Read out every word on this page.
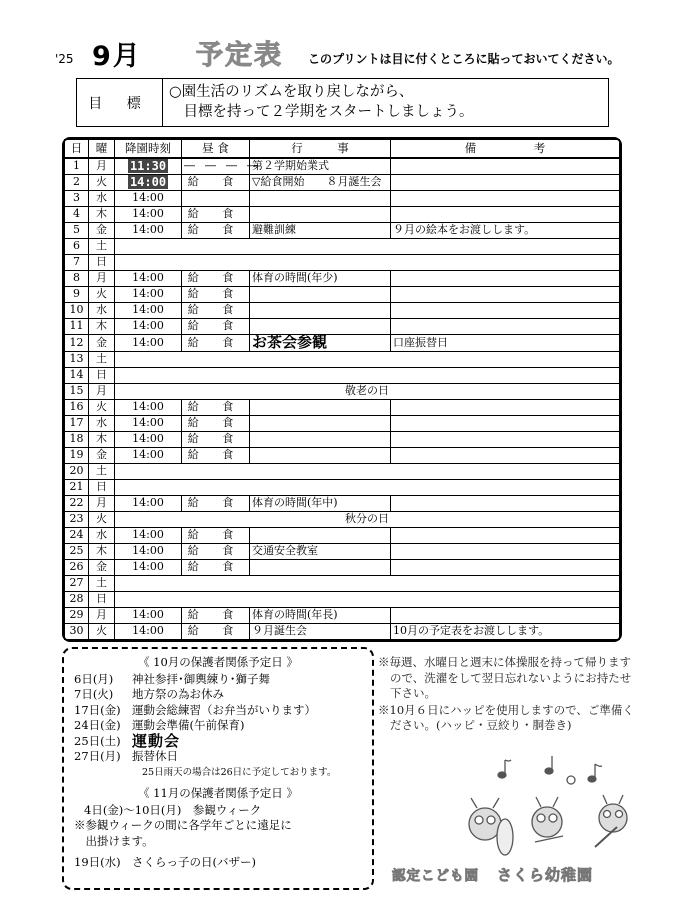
'25 9月 予定表 このプリントは目に付くところに貼っておいてください。
目 標
○園生活のリズムを取り戻しながら、
　目標を持って２学期をスタートしましょう。
日	曜	降園時刻	昼 食	行　　　事	備　　　　　考
1	月	11:30	――――	第２学期始業式	
2	火	14:00	給 食	▽給食開始　　８月誕生会	
3	水	14:00			
4	木	14:00	給 食		
5	金	14:00	給 食	避難訓練	９月の絵本をお渡しします。
6	土				
7	日				
8	月	14:00	給 食	体育の時間(年少)	
9	火	14:00	給 食		
10	水	14:00	給 食		
11	木	14:00	給 食		
12	金	14:00	給 食	お茶会参観	口座振替日
13	土				
14	日				
15	月	敬老の日			
16	火	14:00	給 食		
17	水	14:00	給 食		
18	木	14:00	給 食		
19	金	14:00	給 食		
20	土				
21	日				
22	月	14:00	給 食	体育の時間(年中)	
23	火	秋分の日			
24	水	14:00	給 食		
25	木	14:00	給 食	交通安全教室	
26	金	14:00	給 食		
27	土				
28	日				
29	月	14:00	給 食	体育の時間(年長)	
30	火	14:00	給 食	９月誕生会	10月の予定表をお渡しします。
《 10月の保護者関係予定日 》
6日(月)	神社参拝･御輿練り･獅子舞
7日(火)	地方祭の為お休み
17日(金) 運動会総練習（お弁当がいります）
24日(金) 運動会準備(午前保育)
25日(土) 運動会
27日(月) 振替休日
25日雨天の場合は26日に予定しております。
《 11月の保護者関係予定日 》
4日(金)～10日(月)　参観ウィーク
※参観ウィークの間に各学年ごとに遠足に
　出掛けます。
19日(水) さくらっ子の日(バザー)
※毎週、水曜日と週末に体操服を持って帰りますので、洗濯をして翌日忘れないようにお持たせ下さい。
※10月６日にハッピを使用しますので、ご準備ください。(ハッピ・豆絞り・胴巻き)
認定こども園 さくら幼稚園
